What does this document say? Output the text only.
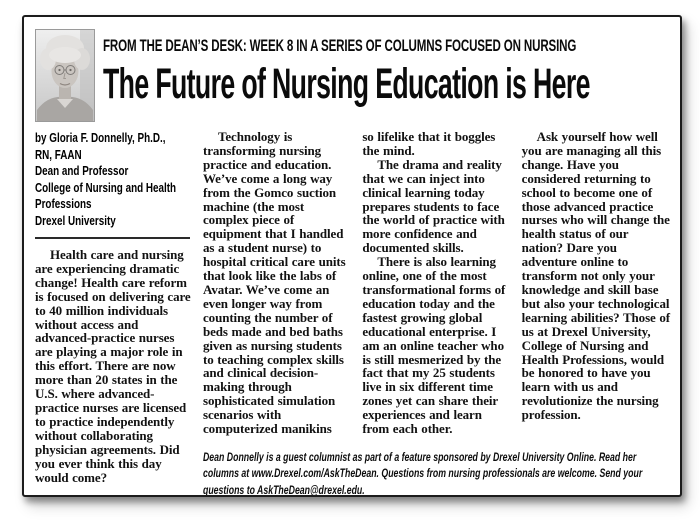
FROM THE DEAN’S DESK: WEEK 8 IN A SERIES OF COLUMNS FOCUSED ON NURSING
The Future of Nursing Education is Here
by Gloria F. Donnelly, Ph.D.,
RN, FAAN
Dean and Professor
College of Nursing and Health
Professions
Drexel University

Health care and nursing are experiencing dramatic change! Health care reform is focused on delivering care to 40 million individuals without access and advanced-practice nurses are playing a major role in this effort. There are now more than 20 states in the U.S. where advanced-practice nurses are licensed to practice independently without collaborating physician agreements. Did you ever think this day would come?

Technology is transforming nursing practice and education. We’ve come a long way from the Gomco suction machine (the most complex piece of equipment that I handled as a student nurse) to hospital critical care units that look like the labs of Avatar. We’ve come an even longer way from counting the number of beds made and bed baths given as nursing students to teaching complex skills and clinical decision-making through sophisticated simulation scenarios with computerized manikins

so lifelike that it boggles the mind.

The drama and reality that we can inject into clinical learning today prepares students to face the world of practice with more confidence and documented skills.

There is also learning online, one of the most transformational forms of education today and the fastest growing global educational enterprise. I am an online teacher who is still mesmerized by the fact that my 25 students live in six different time zones yet can share their experiences and learn from each other.

Ask yourself how well you are managing all this change. Have you considered returning to school to become one of those advanced practice nurses who will change the health status of our nation? Dare you adventure online to transform not only your knowledge and skill base but also your technological learning abilities? Those of us at Drexel University, College of Nursing and Health Professions, would be honored to have you learn with us and revolutionize the nursing profession.

Dean Donnelly is a guest columnist as part of a feature sponsored by Drexel University Online. Read her columns at www.Drexel.com/AskTheDean. Questions from nursing professionals are welcome. Send your questions to AskTheDean@drexel.edu.
